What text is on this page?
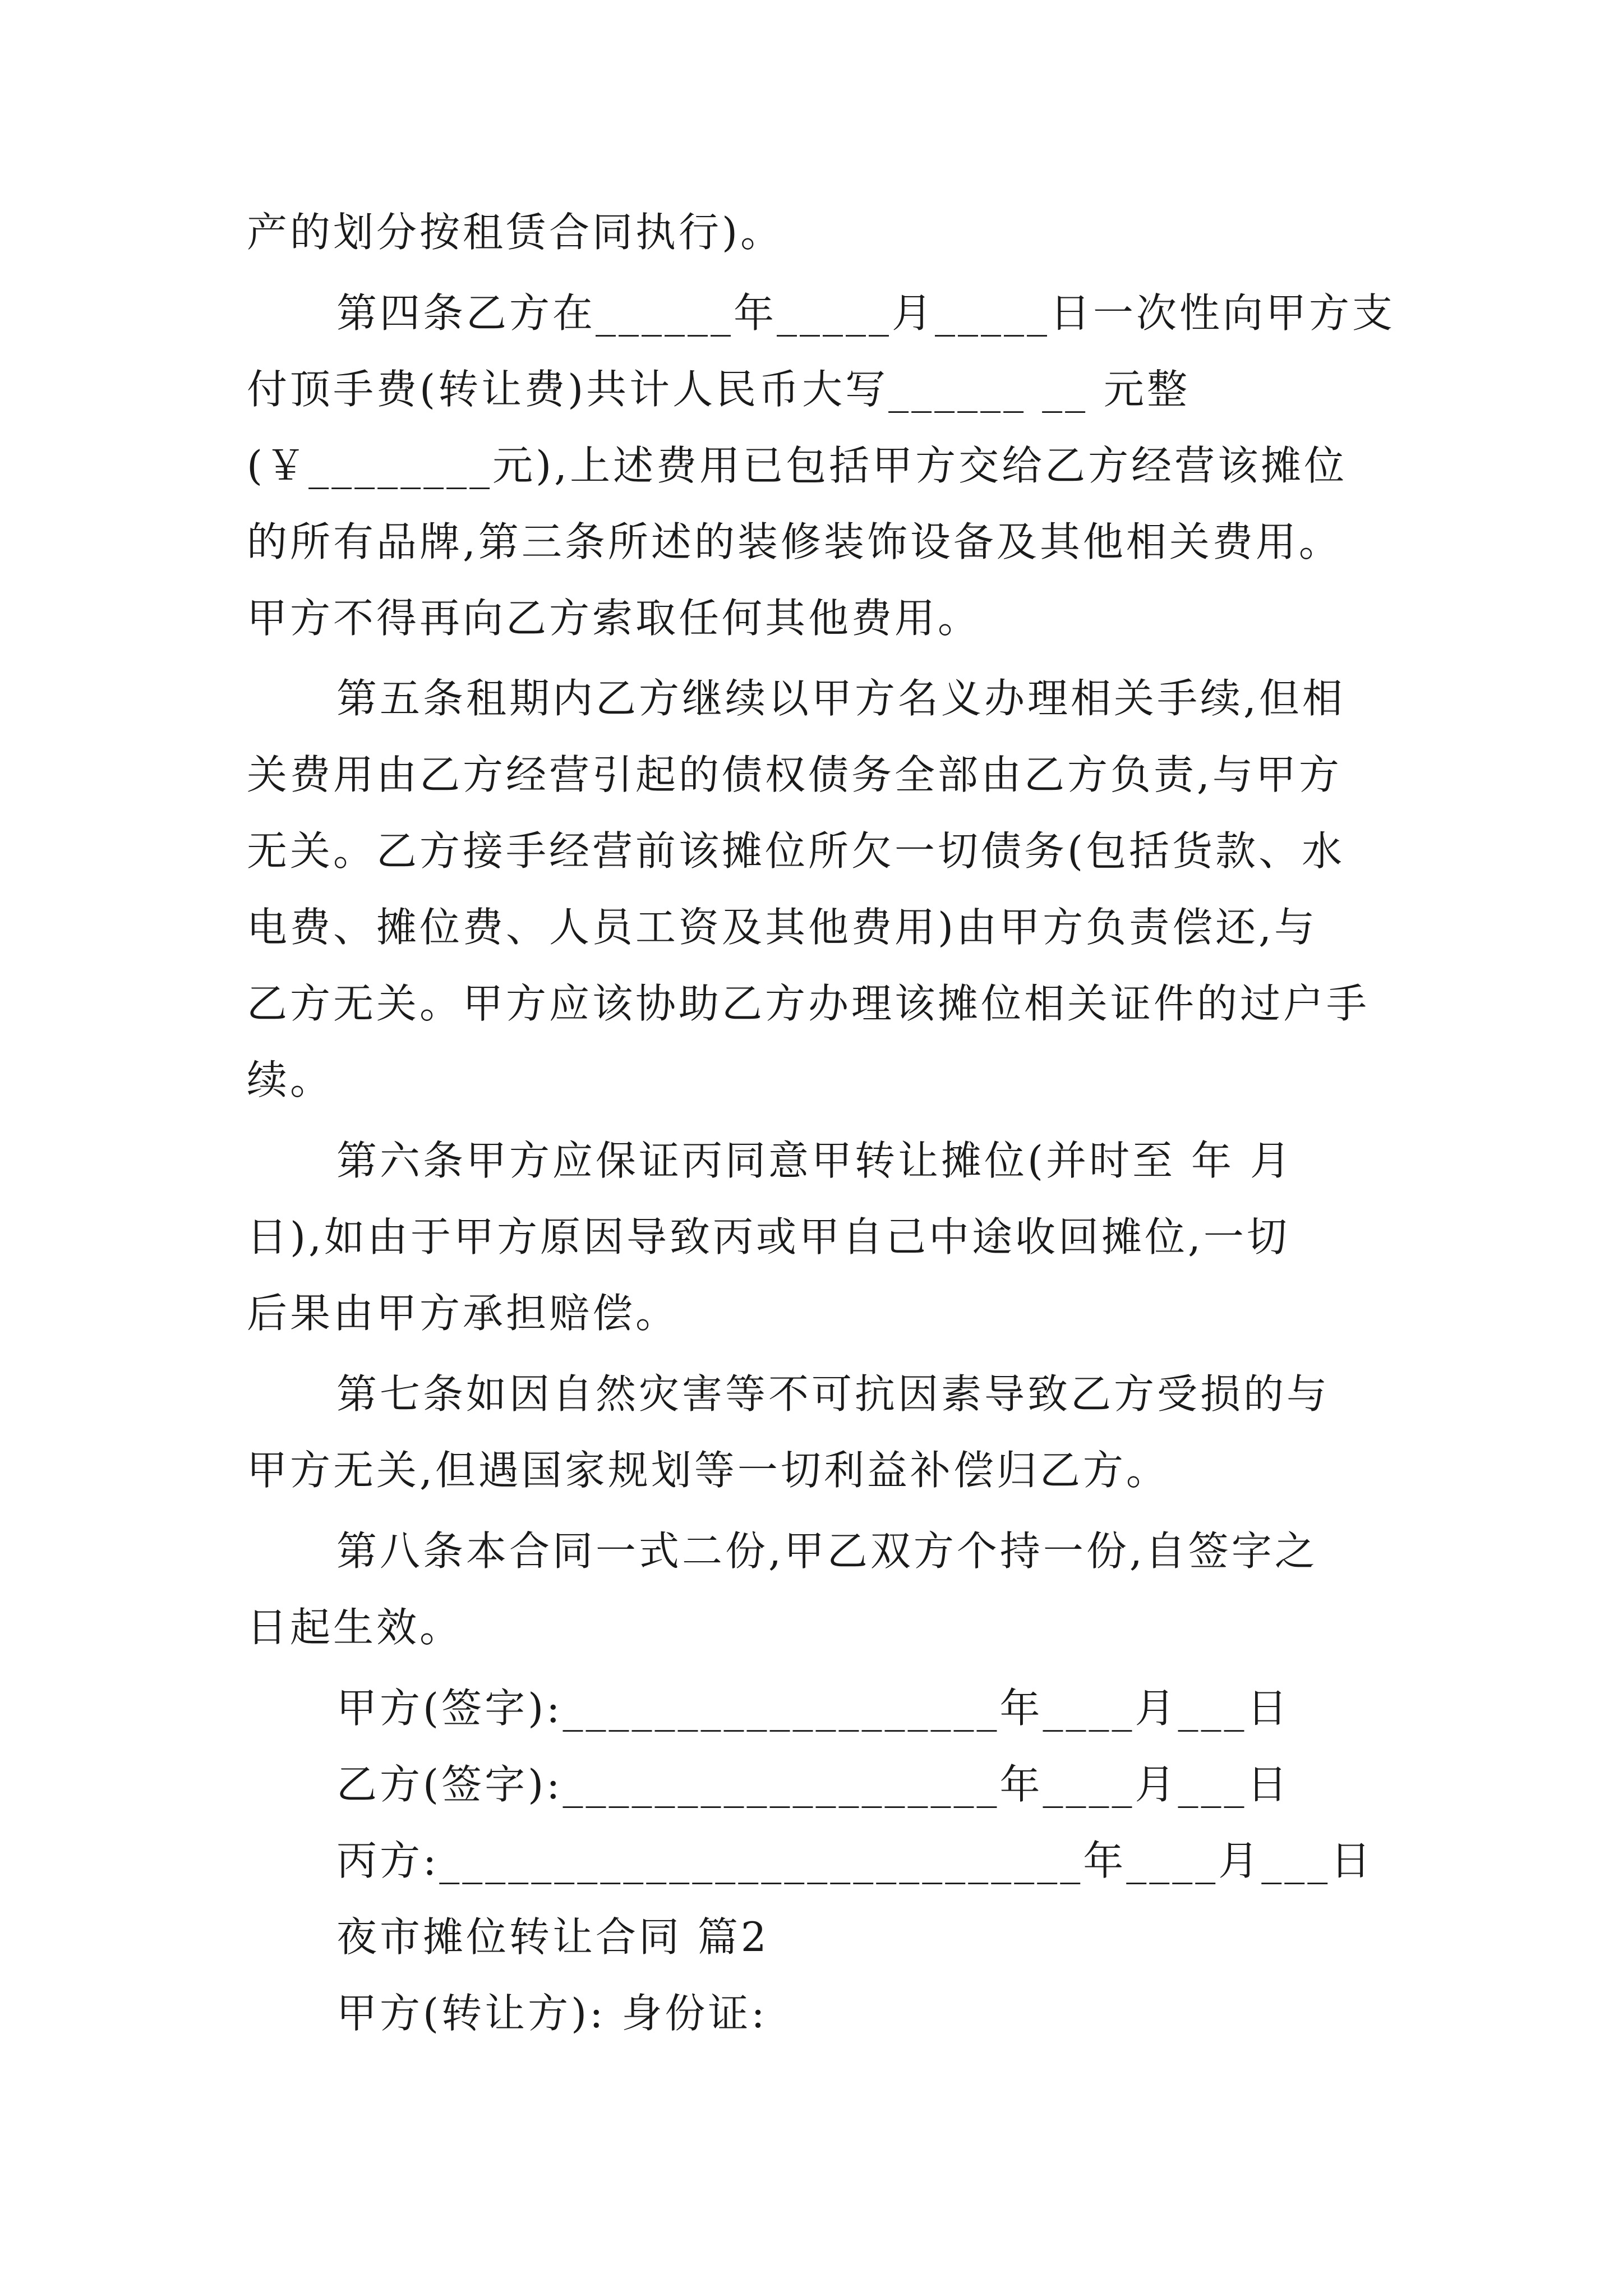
产的划分按租赁合同执行)。
第四条乙方在______年_____月_____日一次性向甲方支
付顶手费(转让费)共计人民币大写______ __ 元整
(￥________元),上述费用已包括甲方交给乙方经营该摊位
的所有品牌,第三条所述的装修装饰设备及其他相关费用。
甲方不得再向乙方索取任何其他费用。
第五条租期内乙方继续以甲方名义办理相关手续,但相
关费用由乙方经营引起的债权债务全部由乙方负责,与甲方
无关。乙方接手经营前该摊位所欠一切债务(包括货款、水
电费、摊位费、人员工资及其他费用)由甲方负责偿还,与
乙方无关。甲方应该协助乙方办理该摊位相关证件的过户手
续。
第六条甲方应保证丙同意甲转让摊位(并时至 年 月
日),如由于甲方原因导致丙或甲自己中途收回摊位,一切
后果由甲方承担赔偿。
第七条如因自然灾害等不可抗因素导致乙方受损的与
甲方无关,但遇国家规划等一切利益补偿归乙方。
第八条本合同一式二份,甲乙双方个持一份,自签字之
日起生效。
甲方(签字):___________________年____月___日
乙方(签字):___________________年____月___日
丙方:____________________________年____月___日
夜市摊位转让合同 篇2
甲方(转让方): 身份证:
